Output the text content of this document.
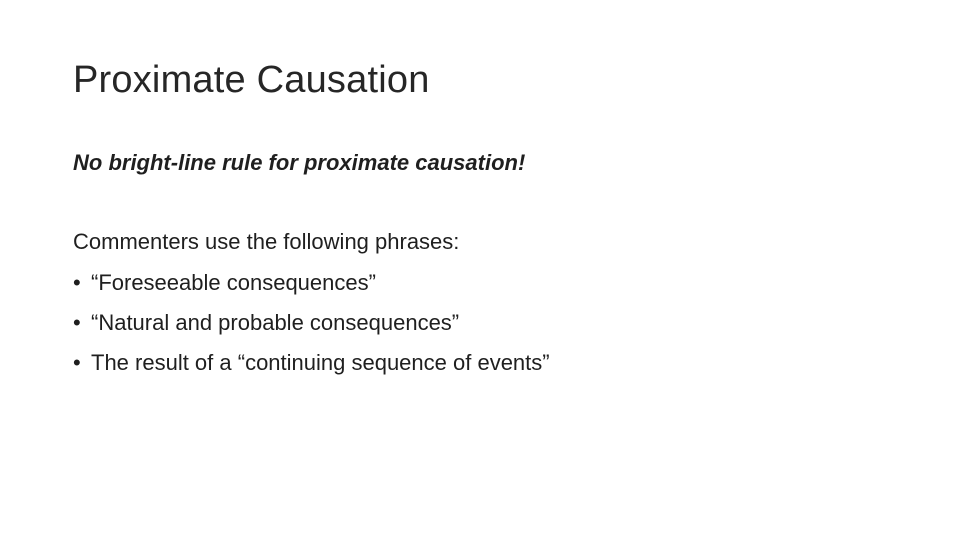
Proximate Causation

No bright-line rule for proximate causation!

Commenters use the following phrases:

• “Foreseeable consequences”
• “Natural and probable consequences”
• The result of a “continuing sequence of events”
